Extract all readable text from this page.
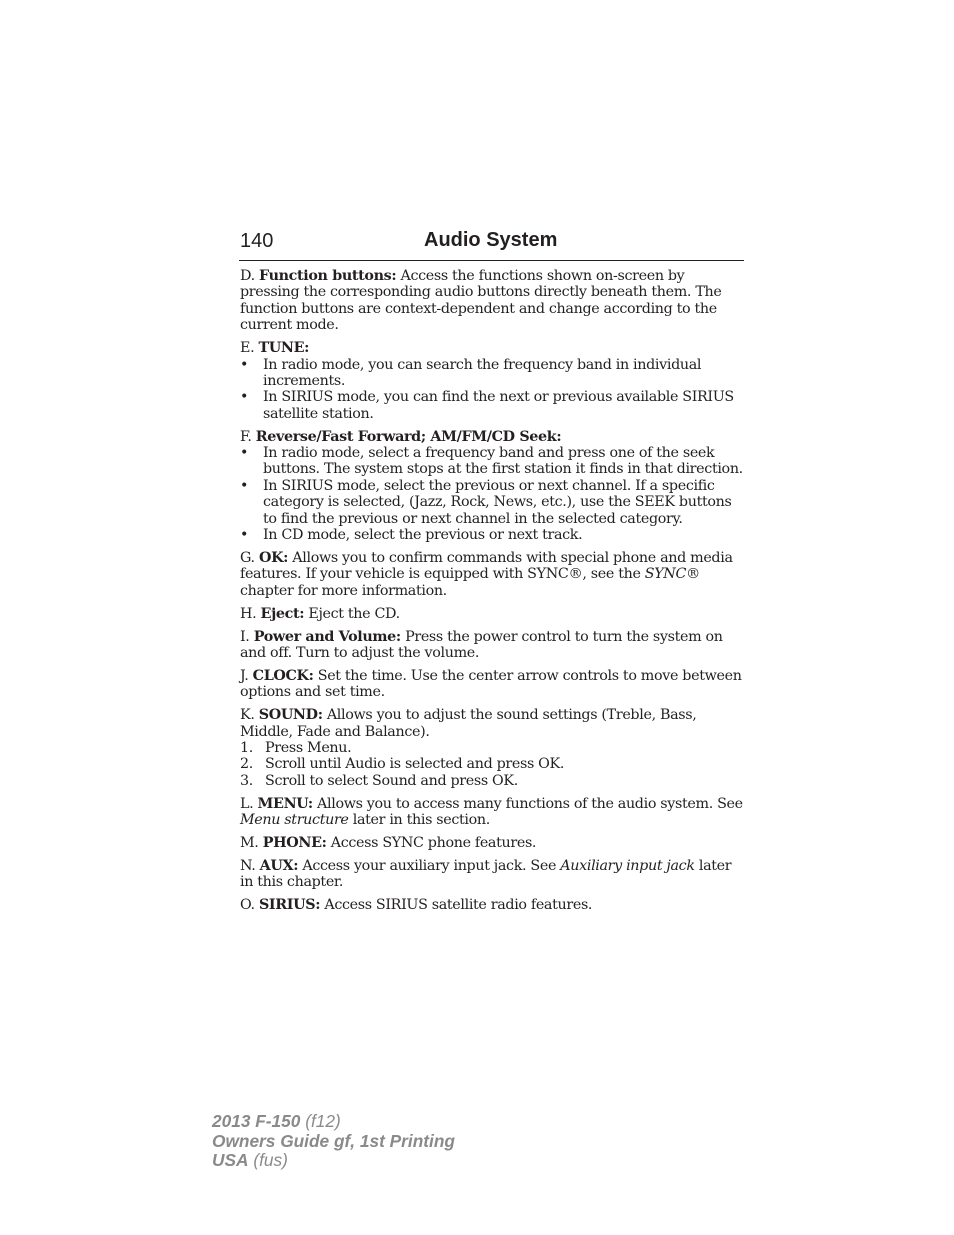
140	Audio System

D. Function buttons: Access the functions shown on-screen by pressing the corresponding audio buttons directly beneath them. The function buttons are context-dependent and change according to the current mode.

E. TUNE:

• In radio mode, you can search the frequency band in individual increments.
• In SIRIUS mode, you can find the next or previous available SIRIUS satellite station.

F. Reverse/Fast Forward; AM/FM/CD Seek:

• In radio mode, select a frequency band and press one of the seek buttons. The system stops at the first station it finds in that direction.
• In SIRIUS mode, select the previous or next channel. If a specific category is selected, (Jazz, Rock, News, etc.), use the SEEK buttons to find the previous or next channel in the selected category.
• In CD mode, select the previous or next track.

G. OK: Allows you to confirm commands with special phone and media features. If your vehicle is equipped with SYNC®, see the SYNC® chapter for more information.

H. Eject: Eject the CD.

I. Power and Volume: Press the power control to turn the system on and off. Turn to adjust the volume.

J. CLOCK: Set the time. Use the center arrow controls to move between options and set time.

K. SOUND: Allows you to adjust the sound settings (Treble, Bass, Middle, Fade and Balance).

1. Press Menu.
2. Scroll until Audio is selected and press OK.
3. Scroll to select Sound and press OK.

L. MENU: Allows you to access many functions of the audio system. See Menu structure later in this section.

M. PHONE: Access SYNC phone features.

N. AUX: Access your auxiliary input jack. See Auxiliary input jack later in this chapter.

O. SIRIUS: Access SIRIUS satellite radio features.

2013 F-150 (f12)
Owners Guide gf, 1st Printing
USA (fus)
